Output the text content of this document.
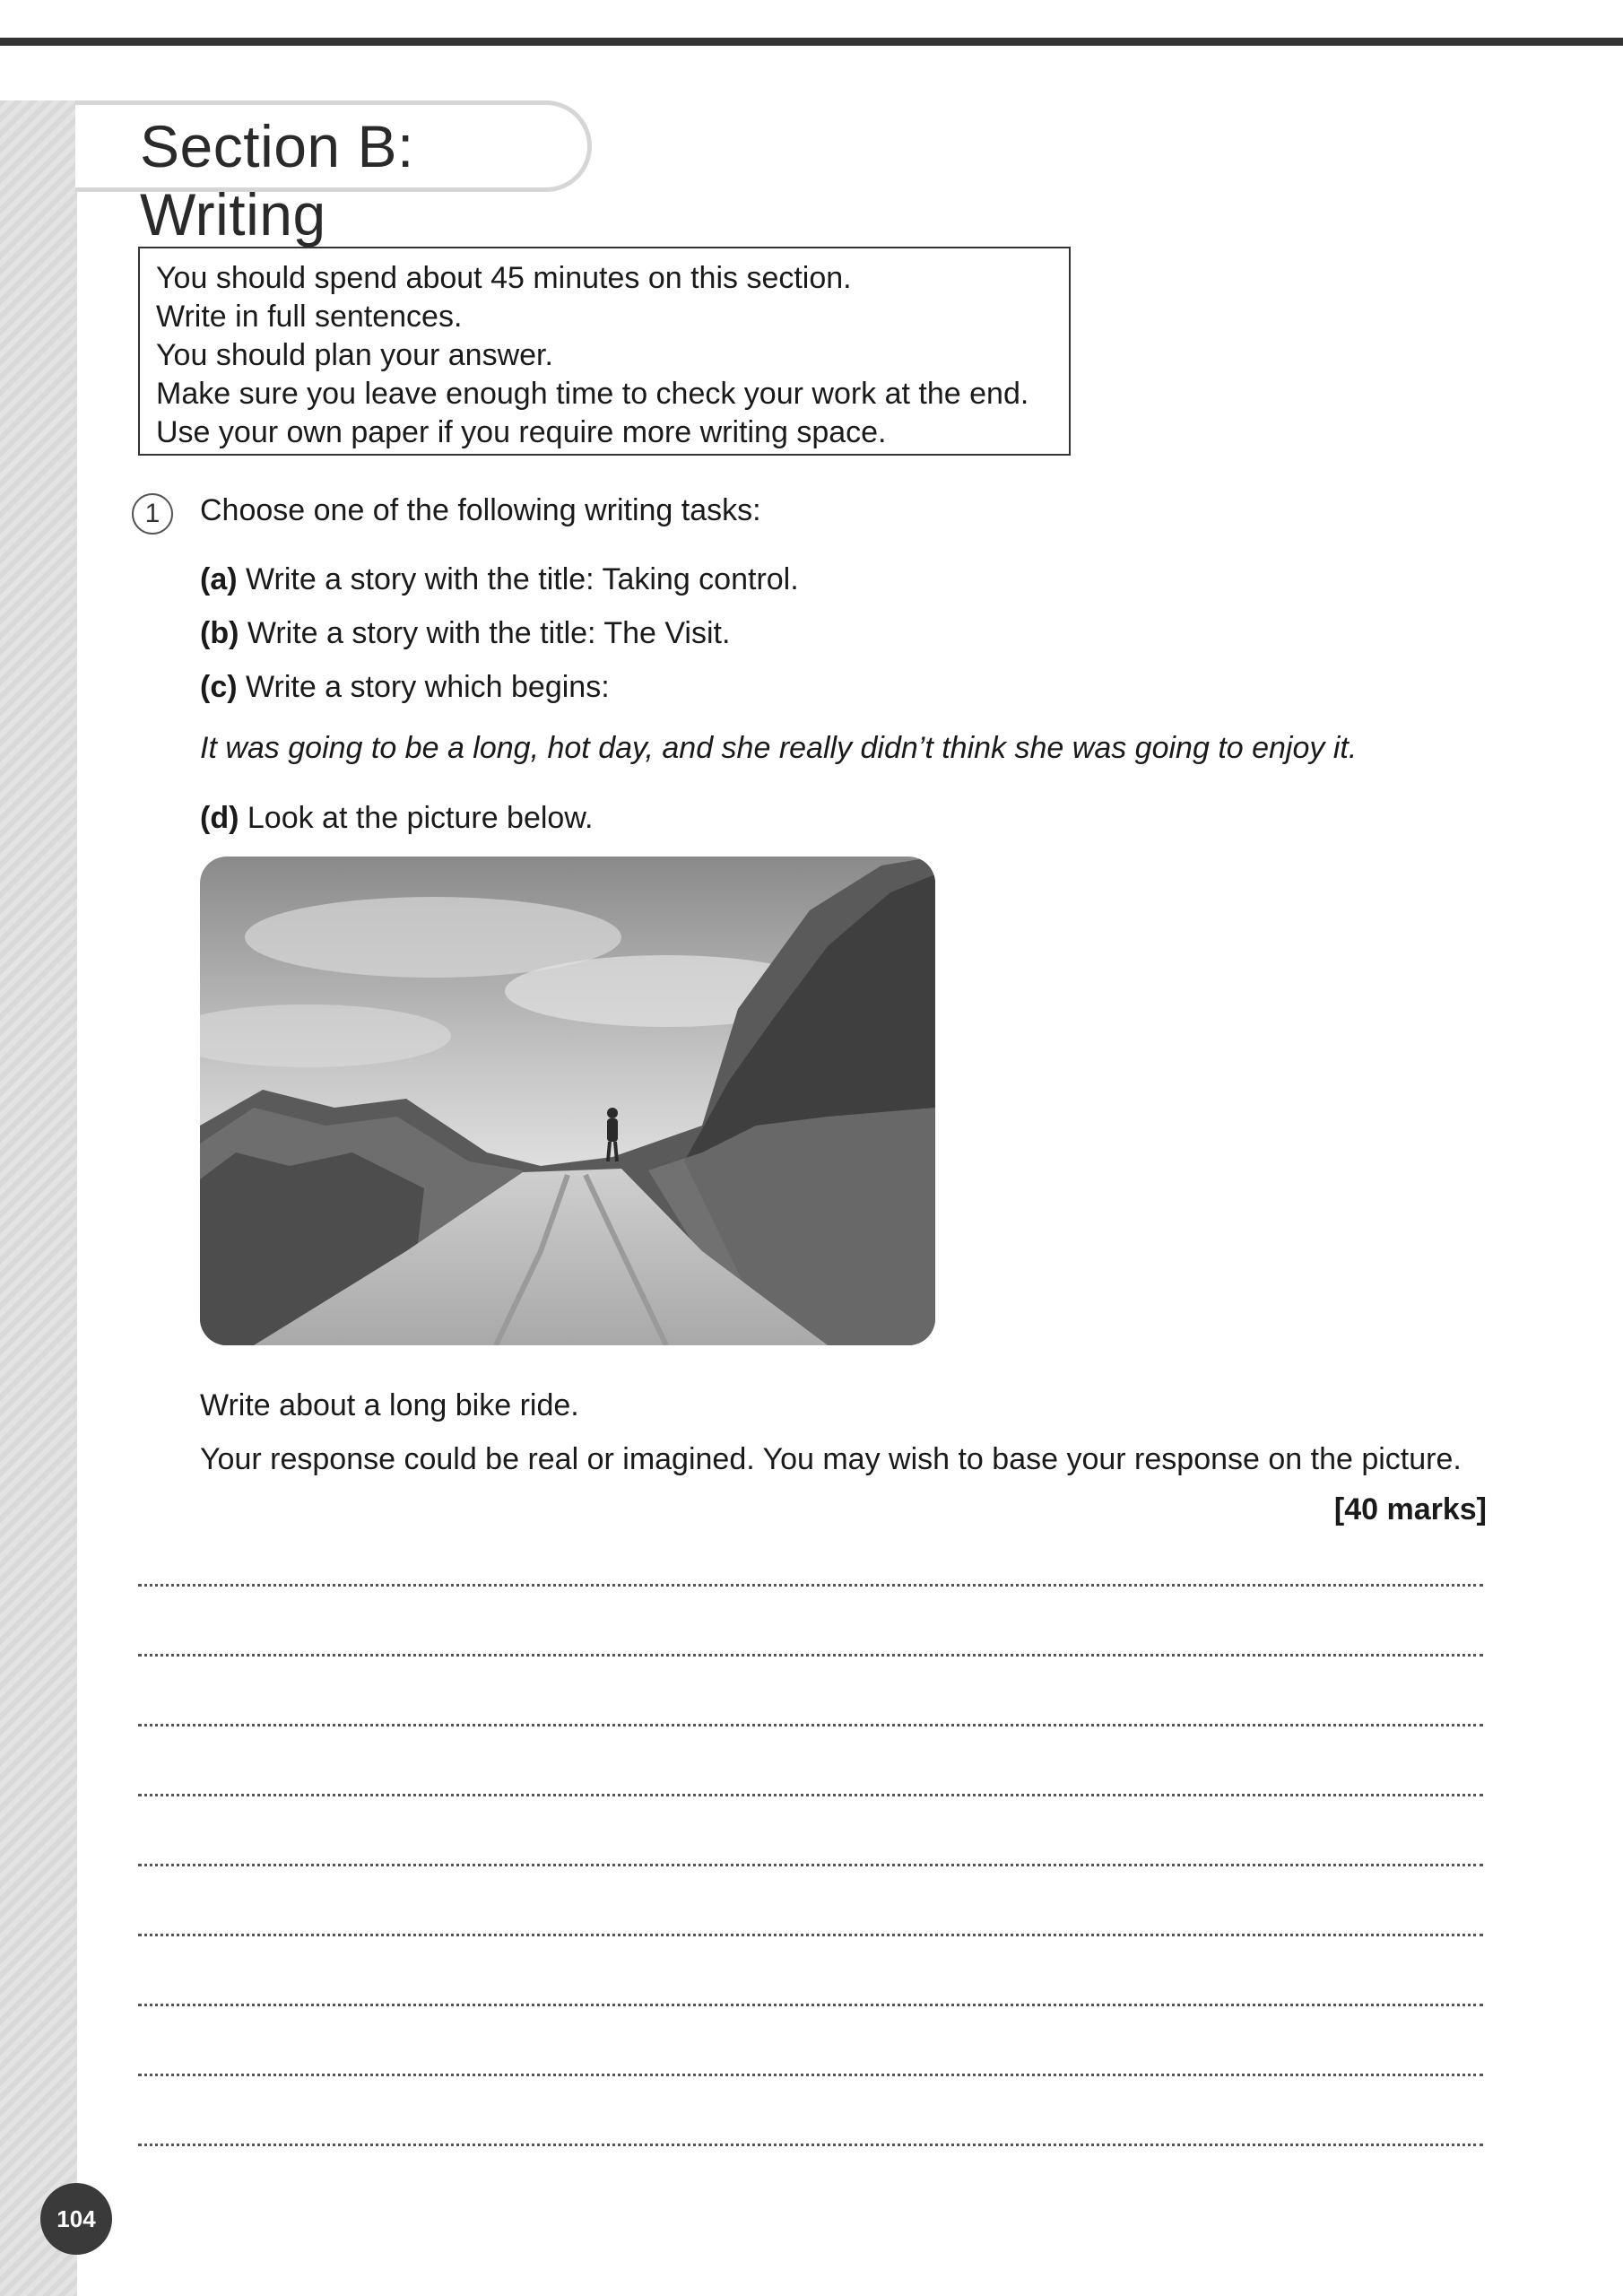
Section B: Writing

You should spend about 45 minutes on this section.

Write in full sentences.

You should plan your answer.

Make sure you leave enough time to check your work at the end.

Use your own paper if you require more writing space.

1	Choose one of the following writing tasks:
(a) Write a story with the title: Taking control.
(b) Write a story with the title: The Visit.
(c) Write a story which begins:
It was going to be a long, hot day, and she really didn’t think she was going to enjoy it.
(d) Look at the picture below.
Write about a long bike ride.
Your response could be real or imagined. You may wish to base your response on the picture.
[40 marks]
104
